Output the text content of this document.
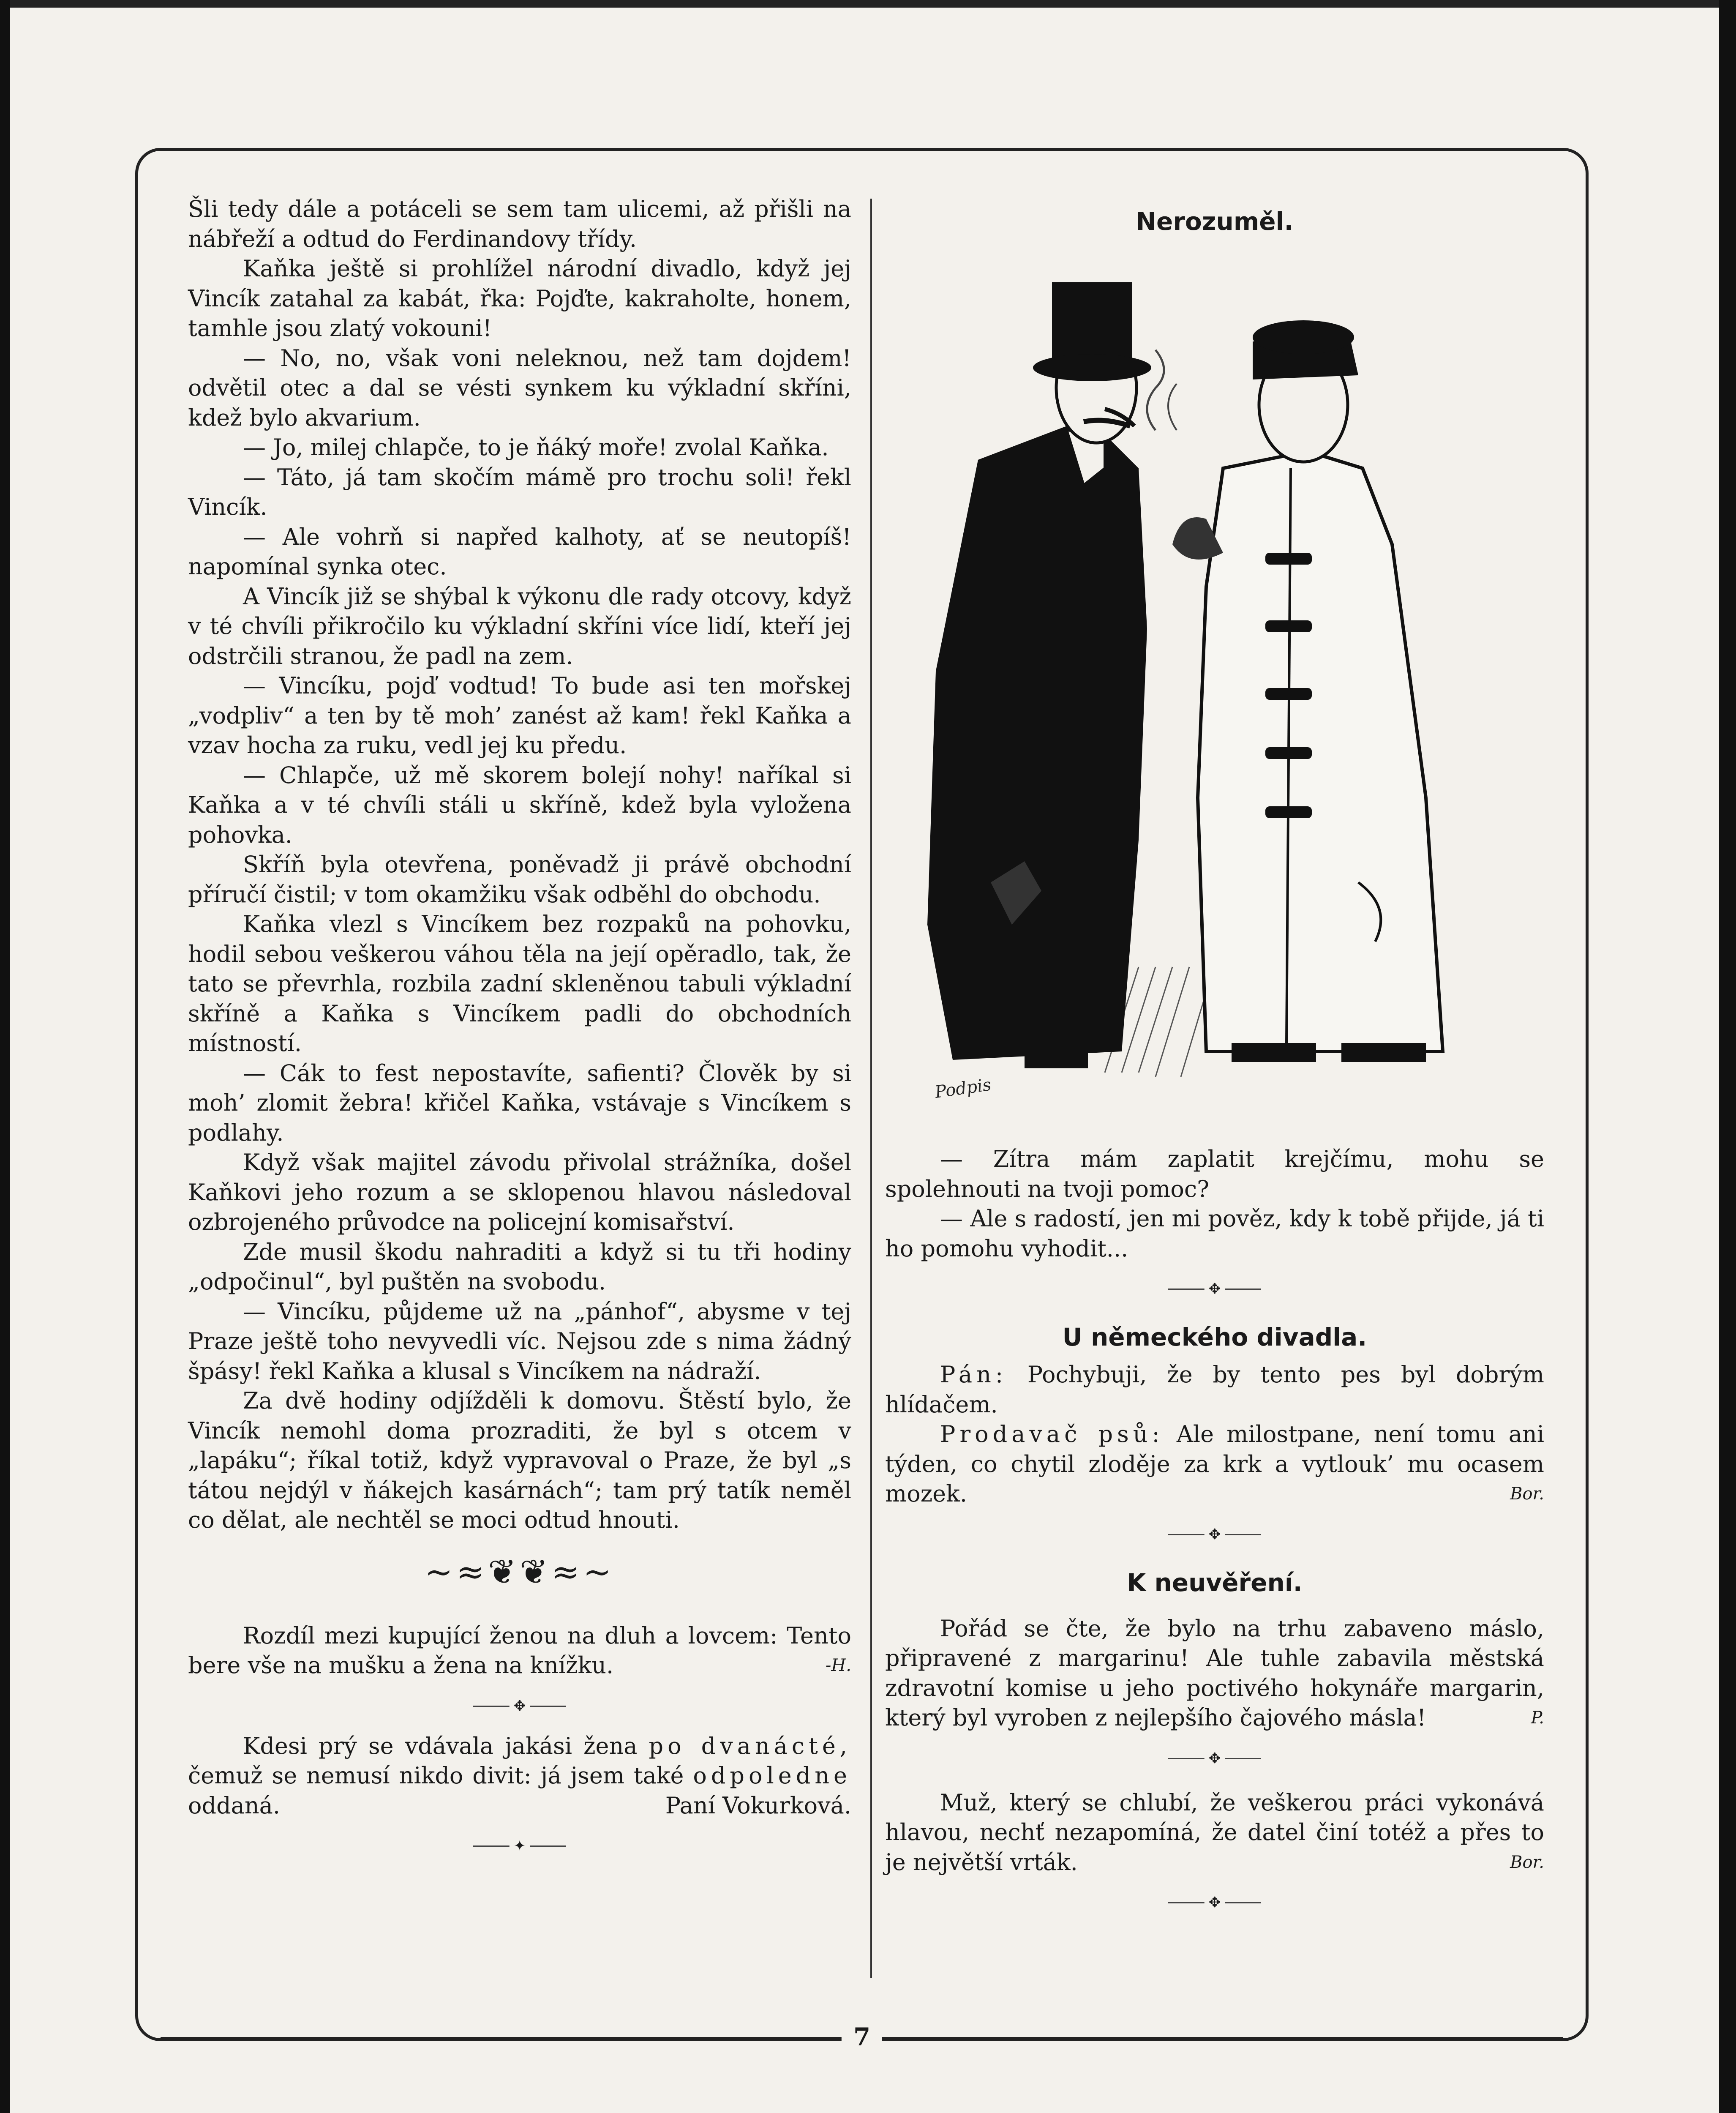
Šli tedy dále a potáceli se sem tam ulicemi, až přišli na nábřeží a odtud do Ferdinandovy třídy.

Kaňka ještě si prohlížel národní divadlo, když jej Vincík zatahal za kabát, řka: Pojďte, kakraholte, honem, tamhle jsou zlatý vokouni!

— No, no, však voni neleknou, než tam dojdem! odvětil otec a dal se vésti synkem ku výkladní skříni, kdež bylo akvarium.

— Jo, milej chlapče, to je ňáký moře! zvolal Kaňka.

— Táto, já tam skočím mámě pro trochu soli! řekl Vincík.

— Ale vohrň si napřed kalhoty, ať se neutopíš! napomínal synka otec.

A Vincík již se shýbal k výkonu dle rady otcovy, když v té chvíli přikročilo ku výkladní skříni více lidí, kteří jej odstrčili stranou, že padl na zem.

— Vincíku, pojď vodtud! To bude asi ten mořskej „vodpliv“ a ten by tě moh’ zanést až kam! řekl Kaňka a vzav hocha za ruku, vedl jej ku předu.

— Chlapče, už mě skorem bolejí nohy! naříkal si Kaňka a v té chvíli stáli u skříně, kdež byla vyložena pohovka.

Skříň byla otevřena, poněvadž ji právě obchodní příručí čistil; v tom okamžiku však odběhl do obchodu.

Kaňka vlezl s Vincíkem bez rozpaků na pohovku, hodil sebou veškerou váhou těla na její opěradlo, tak, že tato se převrhla, rozbila zadní skleněnou tabuli výkladní skříně a Kaňka s Vincíkem padli do obchodních místností.

— Cák to fest nepostavíte, safienti? Člověk by si moh’ zlomit žebra! křičel Kaňka, vstávaje s Vincíkem s podlahy.

Když však majitel závodu přivolal strážníka, došel Kaňkovi jeho rozum a se sklopenou hlavou následoval ozbrojeného průvodce na policejní komisařství.

Zde musil škodu nahraditi a když si tu tři hodiny „odpočinul“, byl puštěn na svobodu.

— Vincíku, půjdeme už na „pánhof“, abysme v tej Praze ještě toho nevyvedli víc. Nejsou zde s nima žádný špásy! řekl Kaňka a klusal s Vincíkem na nádraží.

Za dvě hodiny odjížděli k domovu. Štěstí bylo, že Vincík nemohl doma prozraditi, že byl s otcem v „lapáku“; říkal totiž, když vypravoval o Praze, že byl „s tátou nejdýl v ňákejch kasárnách“; tam prý tatík neměl co dělat, ale nechtěl se moci odtud hnouti.

~≈❦❦≈~

Rozdíl mezi kupující ženou na dluh a lovcem: Tento bere vše na mušku a žena na knížku.	-H.

✥

Kdesi prý se vdávala jakási žena po dvanácté, čemuž se nemusí nikdo divit: já jsem také odpoledne oddaná.	Paní Vokurková.

✦
Nerozuměl.
Podpis

— Zítra mám zaplatit krejčímu, mohu se spolehnouti na tvoji pomoc?

— Ale s radostí, jen mi pověz, kdy k tobě přijde, já ti ho pomohu vyhodit...

✥
U německého divadla.

Pán: Pochybuji, že by tento pes byl dobrým hlídačem.

Prodavač psů: Ale milostpane, není tomu ani týden, co chytil zloděje za krk a vytlouk’ mu ocasem mozek.	Bor.

✥
K neuvěření.

Pořád se čte, že bylo na trhu zabaveno máslo, připravené z margarinu! Ale tuhle zabavila městská zdravotní komise u jeho poctivého hokynáře margarin, který byl vyroben z nejlepšího čajového másla!	P.

✥

Muž, který se chlubí, že veškerou práci vykonává hlavou, nechť nezapomíná, že datel činí totéž a přes to je největší vrták.	Bor.

✥
7
